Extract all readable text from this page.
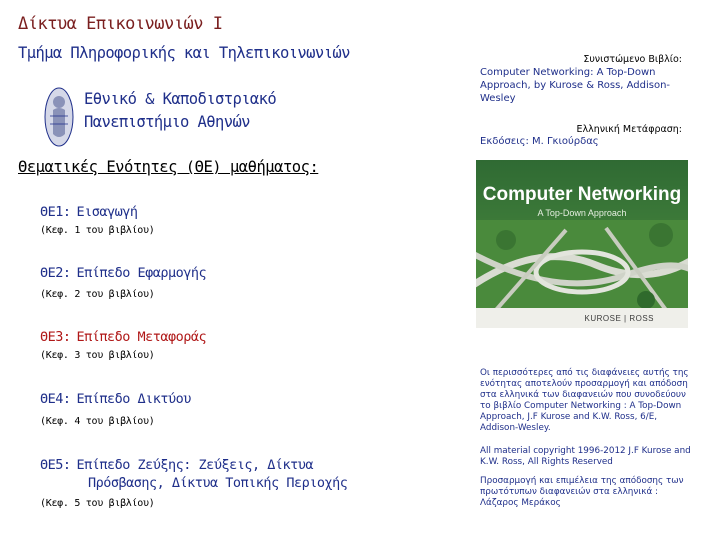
Δίκτυα Επικοινωνιών Ι
Τμήμα Πληροφορικής και Τηλεπικοινωνιών
Εθνικό & Καποδιστριακό
Πανεπιστήμιο Αθηνών
Θεματικές Ενότητες (ΘΕ) μαθήματος:
ΘΕ1: Εισαγωγή
(Κεφ. 1 του βιβλίου)
ΘΕ2: Επίπεδο Εφαρμογής
(Κεφ. 2 του βιβλίου)
ΘΕ3: Επίπεδο Μεταφοράς
(Κεφ. 3 του βιβλίου)
ΘΕ4: Επίπεδο Δικτύου
(Κεφ. 4 του βιβλίου)
ΘΕ5: Επίπεδο Ζεύξης: Ζεύξεις, Δίκτυα
Πρόσβασης, Δίκτυα Τοπικής Περιοχής
(Κεφ. 5 του βιβλίου)
Συνιστώμενο Βιβλίο:
Computer Networking: A Top-Down Approach, by Kurose & Ross, Addison-Wesley
Ελληνική Μετάφραση:
Εκδόσεις: Μ. Γκιούρδας
Computer Networking
A Top-Down Approach
KUROSE | ROSS
Οι περισσότερες από τις διαφάνειες αυτής της ενότητας αποτελούν προσαρμογή και απόδοση στα ελληνικά των διαφανειών που συνοδεύουν το βιβλίο Computer Networking : A Top-Down Approach, J.F Kurose and K.W. Ross, 6/E, Addison-Wesley.
All material copyright 1996-2012 J.F Kurose and K.W. Ross, All Rights Reserved
Προσαρμογή και επιμέλεια της απόδοσης των πρωτότυπων διαφανειών στα ελληνικά : Λάζαρος Μεράκος
